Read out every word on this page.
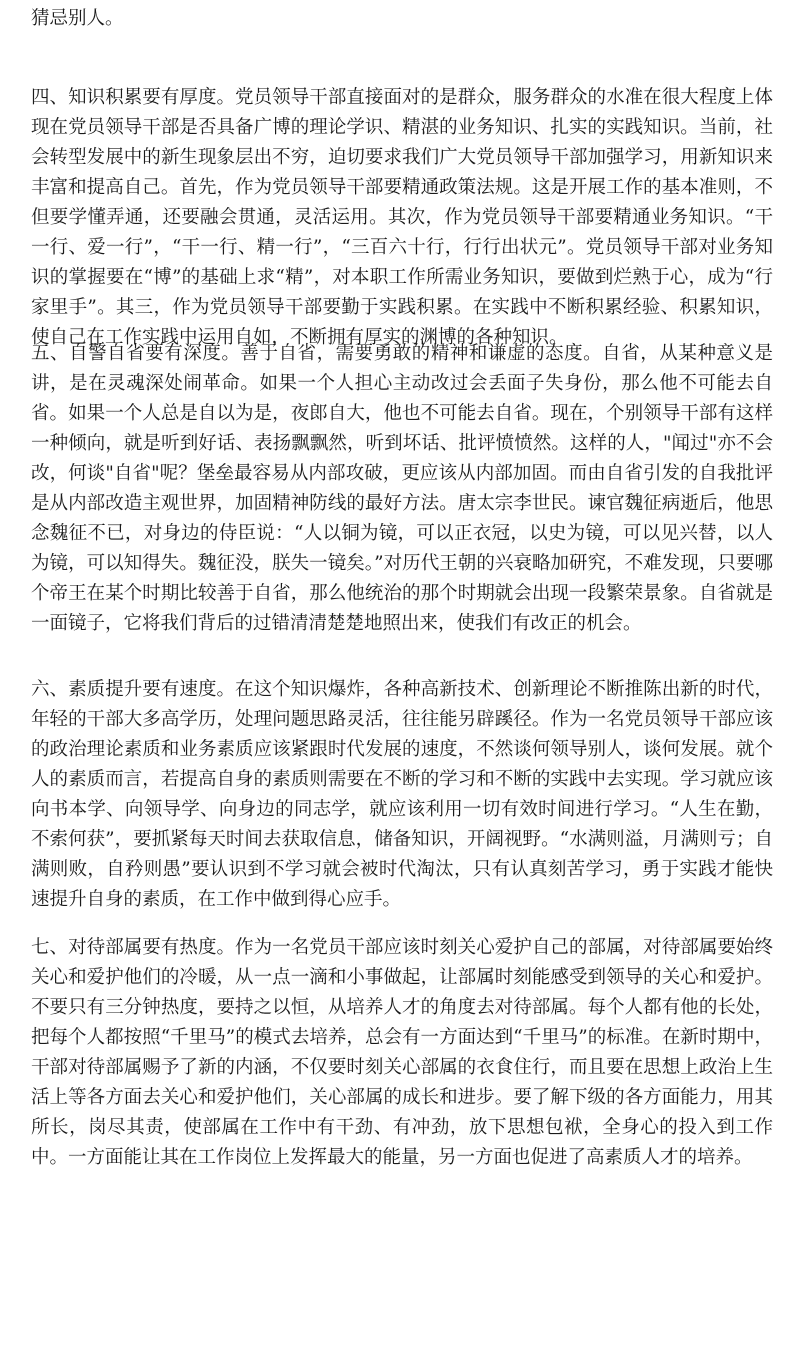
猜忌别人。

四、知识积累要有厚度。党员领导干部直接面对的是群众，服务群众的水准在很大程度上体现在党员领导干部是否具备广博的理论学识、精湛的业务知识、扎实的实践知识。当前，社会转型发展中的新生现象层出不穷，迫切要求我们广大党员领导干部加强学习，用新知识来丰富和提高自己。首先，作为党员领导干部要精通政策法规。这是开展工作的基本准则，不但要学懂弄通，还要融会贯通，灵活运用。其次，作为党员领导干部要精通业务知识。“干一行、爱一行”，“干一行、精一行”，“三百六十行，行行出状元”。党员领导干部对业务知识的掌握要在“博”的基础上求“精”，对本职工作所需业务知识，要做到烂熟于心，成为“行家里手”。其三，作为党员领导干部要勤于实践积累。在实践中不断积累经验、积累知识，使自己在工作实践中运用自如，不断拥有厚实的渊博的各种知识。

五、自警自省要有深度。善于自省，需要勇敢的精神和谦虚的态度。自省，从某种意义是讲，是在灵魂深处闹革命。如果一个人担心主动改过会丢面子失身份，那么他不可能去自省。如果一个人总是自以为是，夜郎自大，他也不可能去自省。现在，个别领导干部有这样一种倾向，就是听到好话、表扬飘飘然，听到坏话、批评愤愤然。这样的人，"闻过"亦不会改，何谈"自省"呢？堡垒最容易从内部攻破，更应该从内部加固。而由自省引发的自我批评是从内部改造主观世界，加固精神防线的最好方法。唐太宗李世民。谏官魏征病逝后，他思念魏征不已，对身边的侍臣说：“人以铜为镜，可以正衣冠，以史为镜，可以见兴替，以人为镜，可以知得失。魏征没，朕失一镜矣。”对历代王朝的兴衰略加研究，不难发现，只要哪个帝王在某个时期比较善于自省，那么他统治的那个时期就会出现一段繁荣景象。自省就是一面镜子，它将我们背后的过错清清楚楚地照出来，使我们有改正的机会。

六、素质提升要有速度。在这个知识爆炸，各种高新技术、创新理论不断推陈出新的时代，年轻的干部大多高学历，处理问题思路灵活，往往能另辟蹊径。作为一名党员领导干部应该的政治理论素质和业务素质应该紧跟时代发展的速度，不然谈何领导别人，谈何发展。就个人的素质而言，若提高自身的素质则需要在不断的学习和不断的实践中去实现。学习就应该向书本学、向领导学、向身边的同志学，就应该利用一切有效时间进行学习。“人生在勤，不索何获”，要抓紧每天时间去获取信息，储备知识，开阔视野。“水满则溢，月满则亏；自满则败，自矜则愚”要认识到不学习就会被时代淘汰，只有认真刻苦学习，勇于实践才能快速提升自身的素质，在工作中做到得心应手。

七、对待部属要有热度。作为一名党员干部应该时刻关心爱护自己的部属，对待部属要始终关心和爱护他们的冷暖，从一点一滴和小事做起，让部属时刻能感受到领导的关心和爱护。不要只有三分钟热度，要持之以恒，从培养人才的角度去对待部属。每个人都有他的长处，把每个人都按照“千里马”的模式去培养，总会有一方面达到“千里马”的标准。在新时期中，干部对待部属赐予了新的内涵，不仅要时刻关心部属的衣食住行，而且要在思想上政治上生活上等各方面去关心和爱护他们，关心部属的成长和进步。要了解下级的各方面能力，用其所长，岗尽其责，使部属在工作中有干劲、有冲劲，放下思想包袱，全身心的投入到工作中。一方面能让其在工作岗位上发挥最大的能量，另一方面也促进了高素质人才的培养。
